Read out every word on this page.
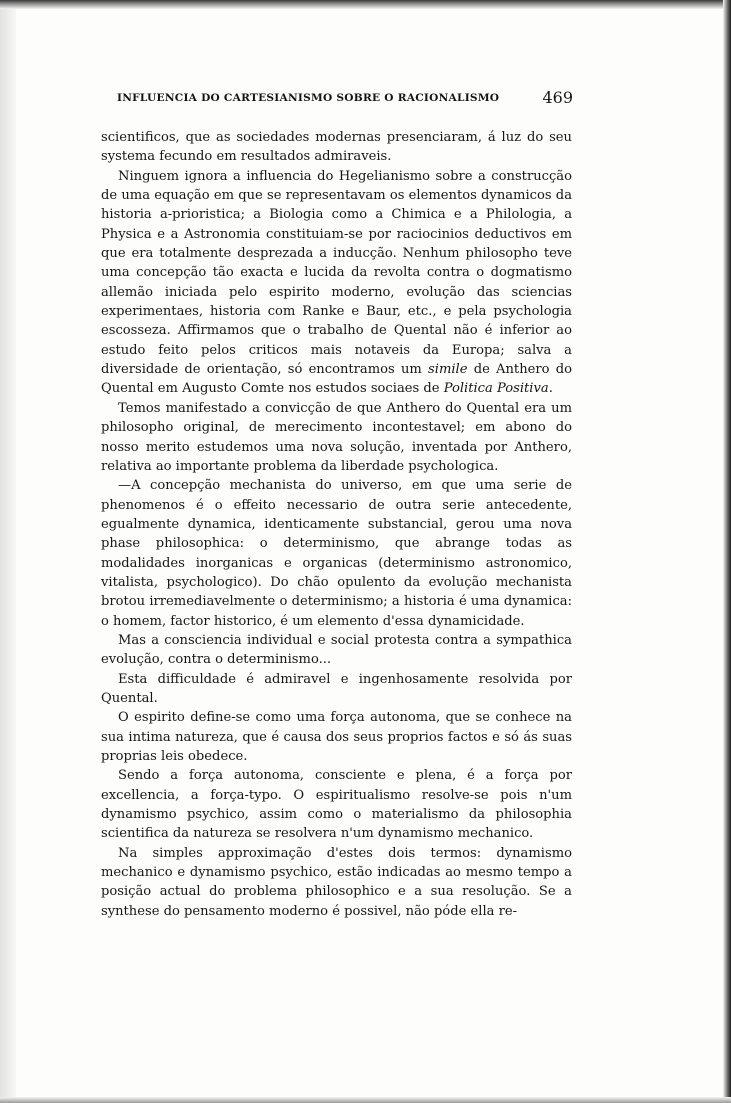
INFLUENCIA DO CARTESIANISMO SOBRE O RACIONALISMO	469

scientificos, que as sociedades modernas presenciaram, á luz do seu systema fecundo em resultados admiraveis.

Ninguem ignora a influencia do Hegelianismo sobre a construcção de uma equação em que se representavam os elementos dynamicos da historia a-prioristica; a Biologia como a Chimica e a Philologia, a Physica e a Astronomia constituiam-se por raciocinios deductivos em que era totalmente desprezada a inducção. Nenhum philosopho teve uma concepção tão exacta e lucida da revolta contra o dogmatismo allemão iniciada pelo espirito moderno, evolução das sciencias experimentaes, historia com Ranke e Baur, etc., e pela psychologia escosseza. Affirmamos que o trabalho de Quental não é inferior ao estudo feito pelos criticos mais notaveis da Europa; salva a diversidade de orientação, só encontramos um simile de Anthero do Quental em Augusto Comte nos estudos sociaes de Politica Positiva.

Temos manifestado a convicção de que Anthero do Quental era um philosopho original, de merecimento incontestavel; em abono do nosso merito estudemos uma nova solução, inventada por Anthero, relativa ao importante problema da liberdade psychologica.

—A concepção mechanista do universo, em que uma serie de phenomenos é o effeito necessario de outra serie antecedente, egualmente dynamica, identicamente substancial, gerou uma nova phase philosophica: o determinismo, que abrange todas as modalidades inorganicas e organicas (determinismo astronomico, vitalista, psychologico). Do chão opulento da evolução mechanista brotou irremediavelmente o determinismo; a historia é uma dynamica: o homem, factor historico, é um elemento d'essa dynamicidade.

Mas a consciencia individual e social protesta contra a sympathica evolução, contra o determinismo...

Esta difficuldade é admiravel e ingenhosamente resolvida por Quental.

O espirito define-se como uma força autonoma, que se conhece na sua intima natureza, que é causa dos seus proprios factos e só ás suas proprias leis obedece.

Sendo a força autonoma, consciente e plena, é a força por excellencia, a força-typo. O espiritualismo resolve-se pois n'um dynamismo psychico, assim como o materialismo da philosophia scientifica da natureza se resolvera n'um dynamismo mechanico.

Na simples approximação d'estes dois termos: dynamismo mechanico e dynamismo psychico, estão indicadas ao mesmo tempo a posição actual do problema philosophico e a sua resolução. Se a synthese do pensamento moderno é possivel, não póde ella re-
